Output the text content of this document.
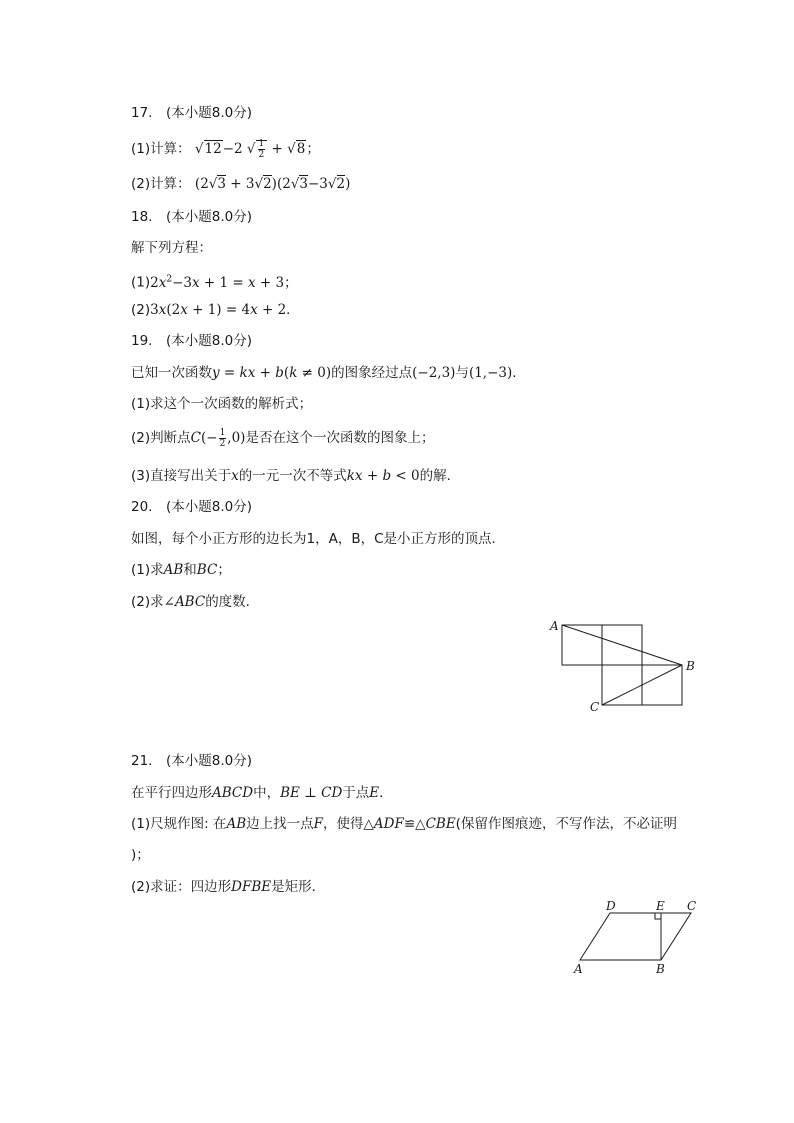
17.　(本小题8.0分)
(1)计算： √12−2 √ $\frac{1}{2} + √8$；
(2)计算： (2√3 + 3√2)(2√3−3√2)
18.　(本小题8.0分)
解下列方程：
$(1)2x^2-3x + 1 = x + 3$；
(2)3x(2x + 1) = 4x + 2．
19.　(本小题8.0分)
已知一次函数y = kx + b(k ≠ 0)的图象经过点(−2,3)与(1,−3)．
(1)求这个一次函数的解析式；
(2)判断点$C(- \frac{1}{2} ,0)$是否在这个一次函数的图象上；
(3)直接写出关于x的一元一次不等式kx + b < 0的解．
20.　(本小题8.0分)
如图，每个小正方形的边长为1，A，B，C是小正方形的顶点．
(1)求AB和BC；
(2)求∠ABC的度数．
A
B
C
21.　(本小题8.0分)
在平行四边形ABCD中，BE ⊥ CD于点E．
(1)尺规作图: 在AB边上找一点F，使得△ADF≌△CBE(保留作图痕迹，不写作法，不必证明
)；
(2)求证：四边形DFBE是矩形．
D	E C
A	B
